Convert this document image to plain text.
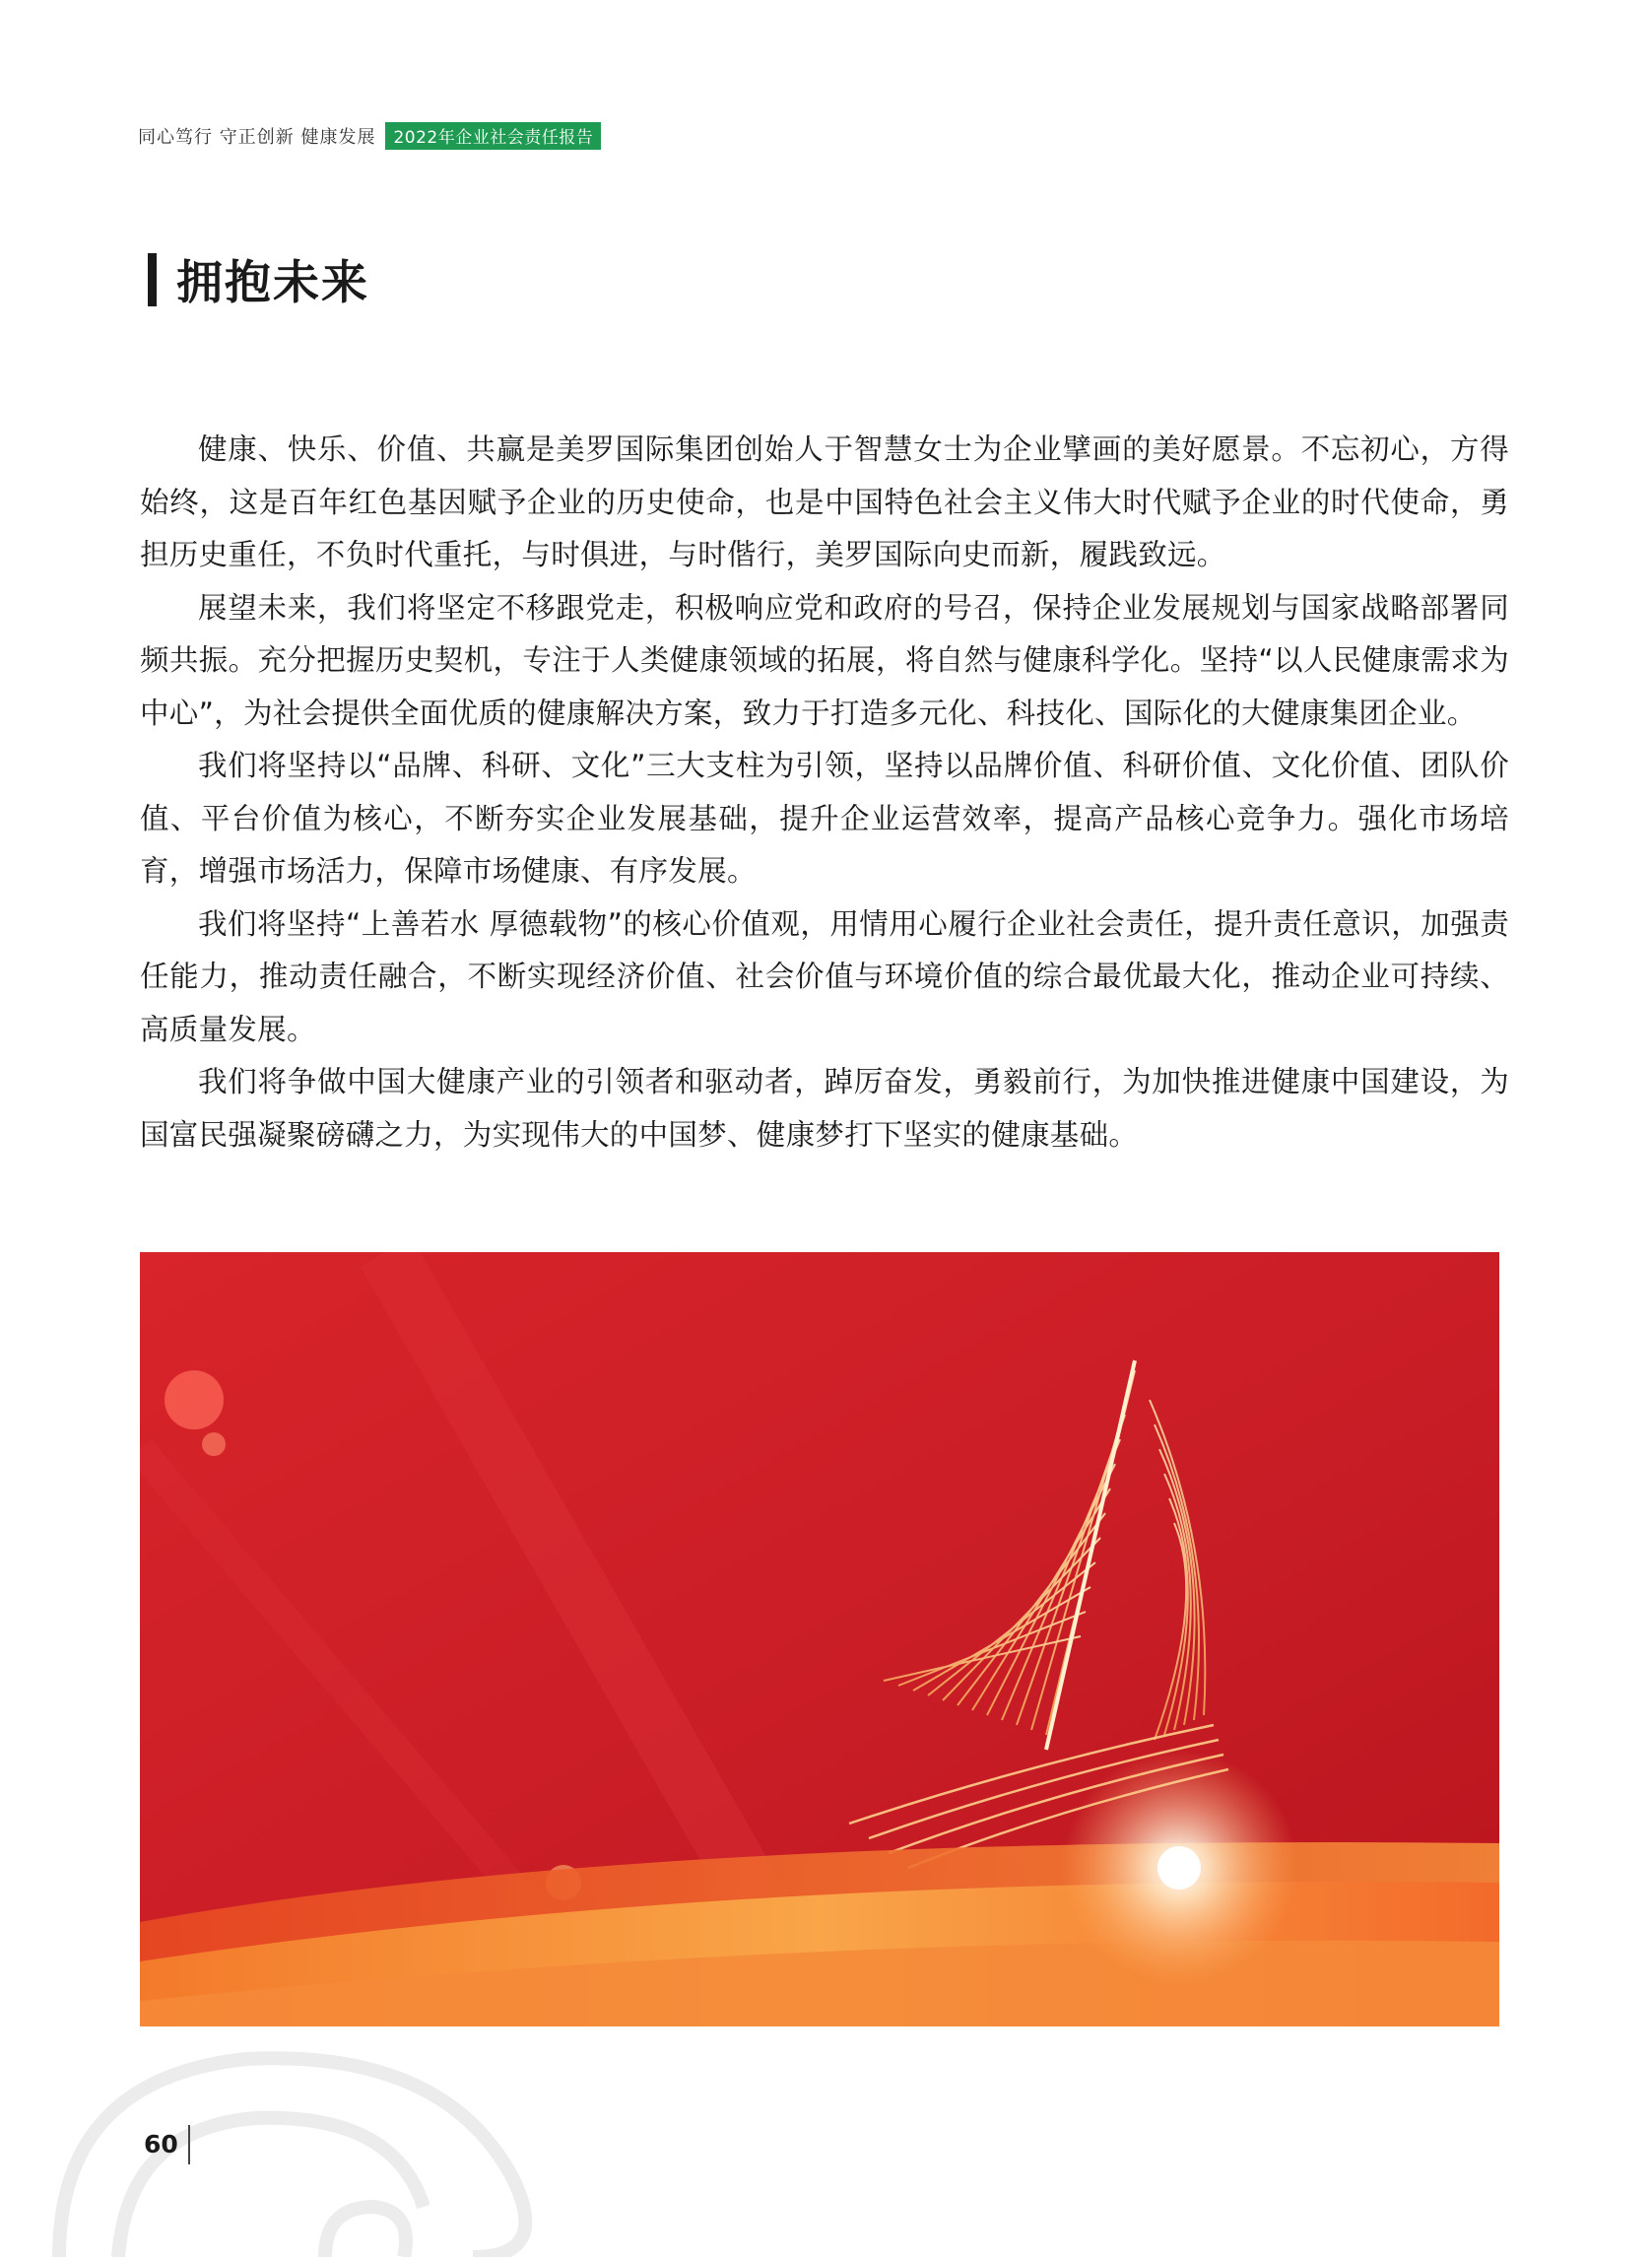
同心笃行 守正创新 健康发展	2022年企业社会责任报告
拥抱未来

健康、快乐、价值、共赢是美罗国际集团创始人于智慧女士为企业擘画的美好愿景。不忘初心，方得始终，这是百年红色基因赋予企业的历史使命，也是中国特色社会主义伟大时代赋予企业的时代使命，勇担历史重任，不负时代重托，与时俱进，与时偕行，美罗国际向史而新，履践致远。

展望未来，我们将坚定不移跟党走，积极响应党和政府的号召，保持企业发展规划与国家战略部署同频共振。充分把握历史契机，专注于人类健康领域的拓展，将自然与健康科学化。坚持“以人民健康需求为中心”，为社会提供全面优质的健康解决方案，致力于打造多元化、科技化、国际化的大健康集团企业。

我们将坚持以“品牌、科研、文化”三大支柱为引领，坚持以品牌价值、科研价值、文化价值、团队价值、平台价值为核心，不断夯实企业发展基础，提升企业运营效率，提高产品核心竞争力。强化市场培育，增强市场活力，保障市场健康、有序发展。

我们将坚持“上善若水 厚德载物”的核心价值观，用情用心履行企业社会责任，提升责任意识，加强责任能力，推动责任融合，不断实现经济价值、社会价值与环境价值的综合最优最大化，推动企业可持续、高质量发展。

我们将争做中国大健康产业的引领者和驱动者，踔厉奋发，勇毅前行，为加快推进健康中国建设，为国富民强凝聚磅礴之力，为实现伟大的中国梦、健康梦打下坚实的健康基础。

60
